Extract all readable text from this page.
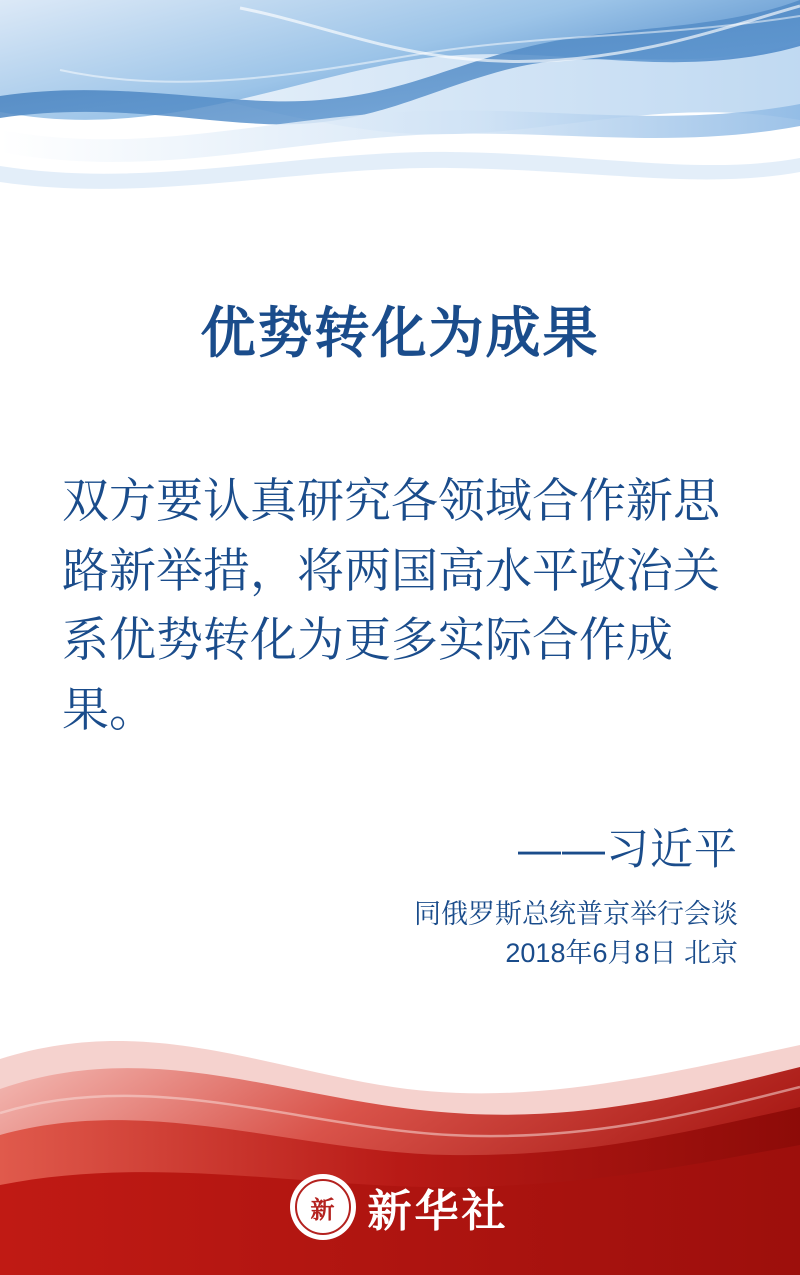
优势转化为成果

双方要认真研究各领域合作新思路新举措，将两国高水平政治关系优势转化为更多实际合作成果。

——习近平
同俄罗斯总统普京举行会谈
2018年6月8日 北京
新 新华社
